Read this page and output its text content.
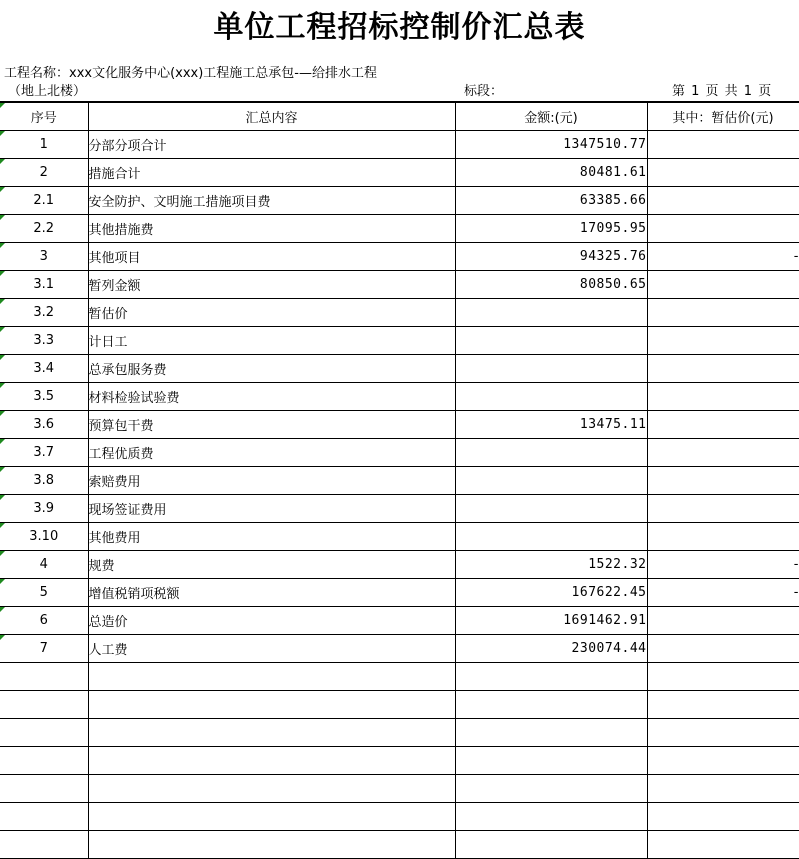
单位工程招标控制价汇总表
工程名称：xxx文化服务中心(xxx)工程施工总承包-—给排水工程
（地上北楼）	标段：	第 1 页 共 1 页
序号	汇总内容	金额:(元)	其中：暂估价(元)

1	分部分项合计	1347510.77	

2	措施合计	80481.61	

2.1	安全防护、文明施工措施项目费	63385.66	

2.2	其他措施费	17095.95	

3	其他项目	94325.76	-

3.1	暂列金额	80850.65	

3.2	暂估价		

3.3	计日工		

3.4	总承包服务费		

3.5	材料检验试验费		

3.6	预算包干费	13475.11	

3.7	工程优质费		

3.8	索赔费用		

3.9	现场签证费用		

3.10	其他费用		

4	规费	1522.32	-

5	增值税销项税额	167622.45	-

6	总造价	1691462.91	

7	人工费	230074.44	
